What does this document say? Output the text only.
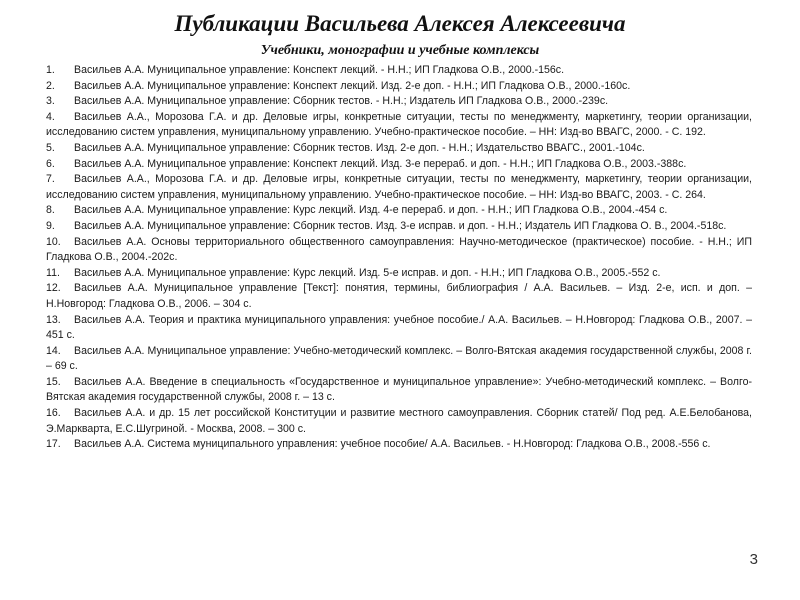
Публикации Васильева Алексея Алексеевича
Учебники, монографии и учебные комплексы
1. Васильев А.А. Муниципальное управление: Конспект лекций. - Н.Н.; ИП Гладкова О.В., 2000.-156с.
2. Васильев А.А. Муниципальное управление: Конспект лекций. Изд. 2-е доп. - Н.Н.; ИП Гладкова О.В., 2000.-160с.
3. Васильев А.А. Муниципальное управление: Сборник тестов. - Н.Н.; Издатель ИП Гладкова О.В., 2000.-239с.
4. Васильев А.А., Морозова Г.А. и др. Деловые игры, конкретные ситуации, тесты по менеджменту, маркетингу, теории организации, исследованию систем управления, муниципальному управлению. Учебно-практическое пособие. – НН: Изд-во ВВАГС, 2000. - С. 192.
5. Васильев А.А. Муниципальное управление: Сборник тестов. Изд. 2-е доп. - Н.Н.; Издательство ВВАГС., 2001.-104с.
6. Васильев А.А. Муниципальное управление: Конспект лекций. Изд. 3-е перераб. и доп. - Н.Н.; ИП Гладкова О.В., 2003.-388с.
7. Васильев А.А., Морозова Г.А. и др. Деловые игры, конкретные ситуации, тесты по менеджменту, маркетингу, теории организации, исследованию систем управления, муниципальному управлению. Учебно-практическое пособие. – НН: Изд-во ВВАГС, 2003. - С. 264.
8. Васильев А.А. Муниципальное управление: Курс лекций. Изд. 4-е перераб. и доп. - Н.Н.; ИП Гладкова О.В., 2004.-454 с.
9. Васильев А.А. Муниципальное управление: Сборник тестов. Изд. 3-е исправ. и доп. - Н.Н.; Издатель ИП Гладкова О. В., 2004.-518с.
10. Васильев А.А. Основы территориального общественного самоуправления: Научно-методическое (практическое) пособие. - Н.Н.; ИП Гладкова О.В., 2004.-202с.
11. Васильев А.А. Муниципальное управление: Курс лекций. Изд. 5-е исправ. и доп. - Н.Н.; ИП Гладкова О.В., 2005.-552 с.
12. Васильев А.А. Муниципальное управление [Текст]: понятия, термины, библиография / А.А. Васильев. – Изд. 2-е, исп. и доп. – Н.Новгород: Гладкова О.В., 2006. – 304 с.
13. Васильев А.А. Теория и практика муниципального управления: учебное пособие./ А.А. Васильев. – Н.Новгород: Гладкова О.В., 2007. – 451 с.
14. Васильев А.А. Муниципальное управление: Учебно-методический комплекс. – Волго-Вятская академия государственной службы, 2008 г. – 69 с.
15. Васильев А.А. Введение в специальность «Государственное и муниципальное управление»: Учебно-методический комплекс. – Волго-Вятская академия государственной службы, 2008 г. – 13 с.
16. Васильев А.А. и др. 15 лет российской Конституции и развитие местного самоуправления. Сборник статей/ Под ред. А.Е.Белобанова, Э.Маркварта, Е.С.Шугриной. - Москва, 2008. – 300 с.
17. Васильев А.А. Система муниципального управления: учебное пособие/ А.А. Васильев. - Н.Новгород: Гладкова О.В., 2008.-556 с.
3
